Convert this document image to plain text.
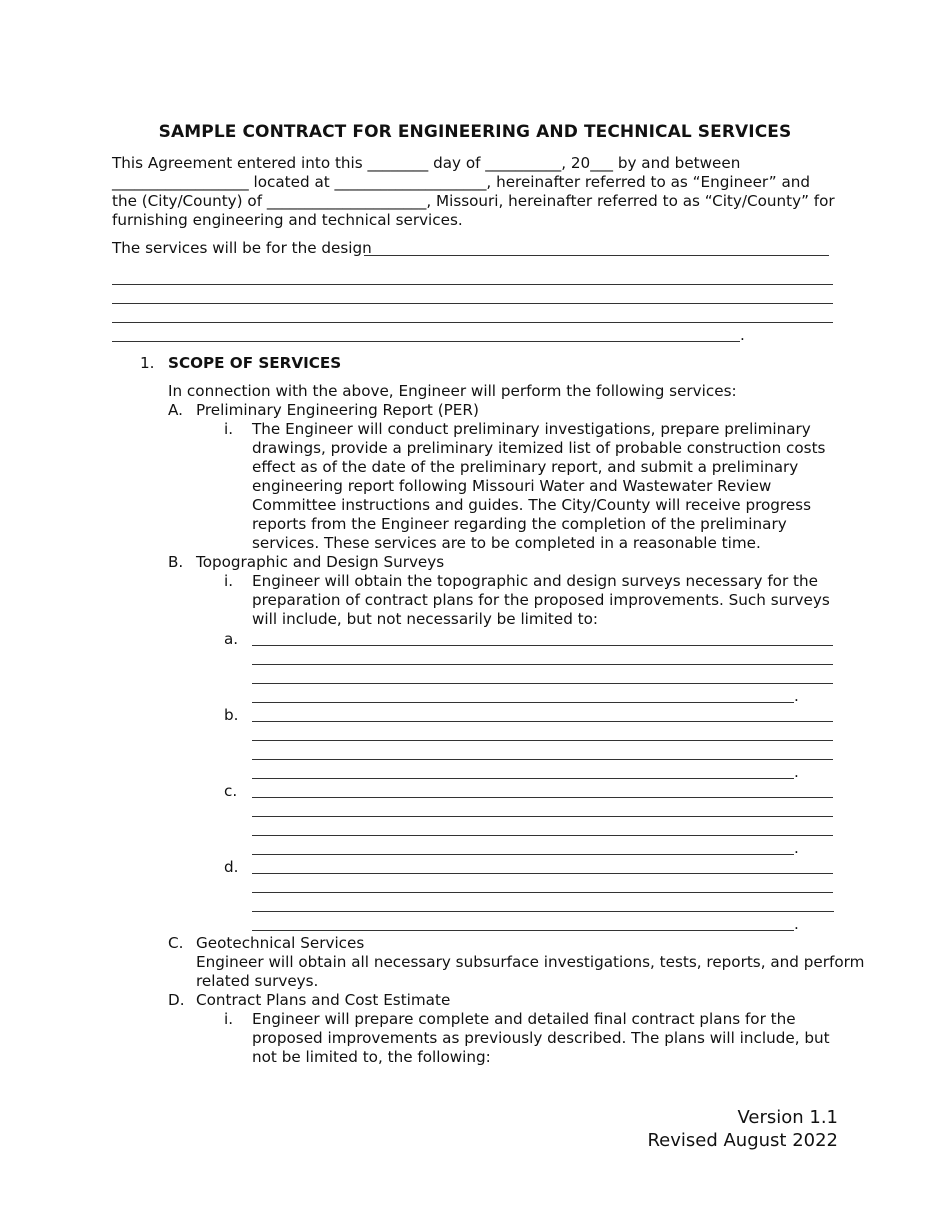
SAMPLE CONTRACT FOR ENGINEERING AND TECHNICAL SERVICES
This Agreement entered into this ________ day of __________, 20___ by and between
__________________ located at ____________________, hereinafter referred to as “Engineer” and
the (City/County) of _____________________, Missouri, hereinafter referred to as “City/County” for
furnishing engineering and technical services.
The services will be for the design
.
1. SCOPE OF SERVICES
In connection with the above, Engineer will perform the following services:
A. Preliminary Engineering Report (PER)
i. The Engineer will conduct preliminary investigations, prepare preliminary
drawings, provide a preliminary itemized list of probable construction costs
effect as of the date of the preliminary report, and submit a preliminary
engineering report following Missouri Water and Wastewater Review
Committee instructions and guides. The City/County will receive progress
reports from the Engineer regarding the completion of the preliminary
services. These services are to be completed in a reasonable time.
B. Topographic and Design Surveys
i. Engineer will obtain the topographic and design surveys necessary for the
preparation of contract plans for the proposed improvements. Such surveys
will include, but not necessarily be limited to:
a.
.
b.
.
c.
.
d.
.
C. Geotechnical Services
Engineer will obtain all necessary subsurface investigations, tests, reports, and perform
related surveys.
D. Contract Plans and Cost Estimate
i. Engineer will prepare complete and detailed final contract plans for the
proposed improvements as previously described. The plans will include, but
not be limited to, the following:
Version 1.1
Revised August 2022
